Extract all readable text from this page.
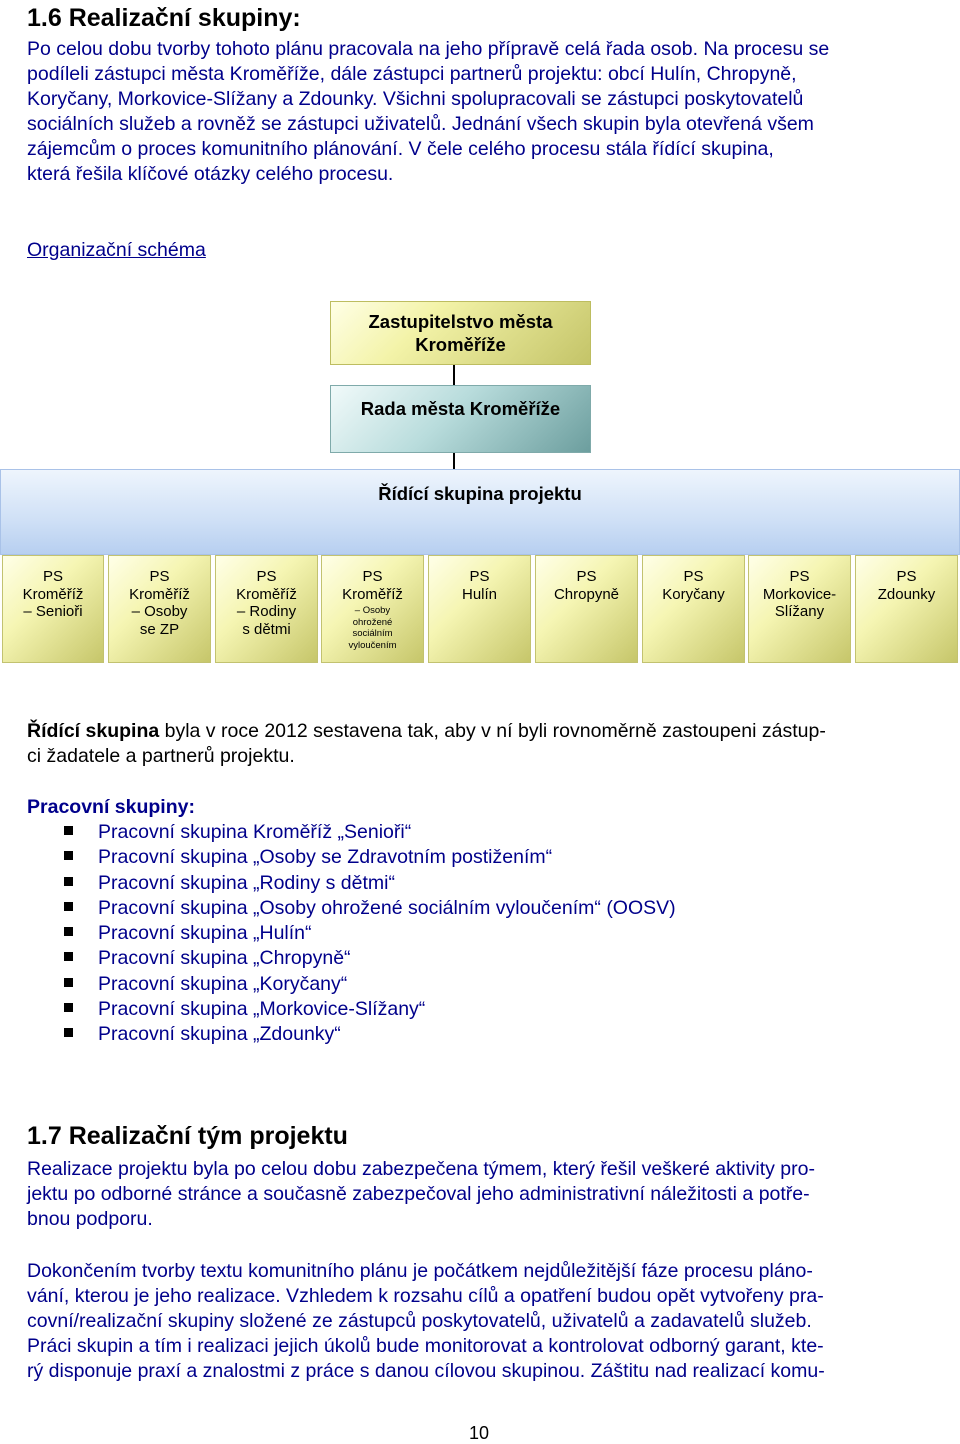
1.6 Realizační skupiny:
Po celou dobu tvorby tohoto plánu pracovala na jeho přípravě celá řada osob. Na procesu se
podíleli zástupci města Kroměříže, dále zástupci partnerů projektu: obcí Hulín, Chropyně,
Koryčany, Morkovice-Slížany a Zdounky. Všichni spolupracovali se zástupci poskytovatelů
sociálních služeb a rovněž se zástupci uživatelů. Jednání všech skupin byla otevřená všem
zájemcům o proces komunitního plánování. V čele celého procesu stála řídící skupina,
která řešila klíčové otázky celého procesu.
Organizační schéma
Zastupitelstvo města
Kroměříže
Rada města Kroměříže
Řídící skupina projektu
PS
Kroměříž
– Senioři
PS
Kroměříž
– Osoby
se ZP
PS
Kroměříž
– Rodiny
s dětmi
PS
Kroměříž
– Osoby
ohrožené
sociálním
vyloučením
PS
Hulín
PS
Chropyně
PS
Koryčany
PS
Morkovice-
Slížany
PS
Zdounky
Řídící skupina byla v roce 2012 sestavena tak, aby v ní byli rovnoměrně zastoupeni zástup-
ci žadatele a partnerů projektu.
Pracovní skupiny:
Pracovní skupina Kroměříž „Senioři“
Pracovní skupina „Osoby se Zdravotním postižením“
Pracovní skupina „Rodiny s dětmi“
Pracovní skupina „Osoby ohrožené sociálním vyloučením“ (OOSV)
Pracovní skupina „Hulín“
Pracovní skupina „Chropyně“
Pracovní skupina „Koryčany“
Pracovní skupina „Morkovice-Slížany“
Pracovní skupina „Zdounky“
1.7 Realizační tým projektu
Realizace projektu byla po celou dobu zabezpečena týmem, který řešil veškeré aktivity pro-
jektu po odborné stránce a současně zabezpečoval jeho administrativní náležitosti a potře-
bnou podporu.
Dokončením tvorby textu komunitního plánu je počátkem nejdůležitější fáze procesu pláno-
vání, kterou je jeho realizace. Vzhledem k rozsahu cílů a opatření budou opět vytvořeny pra-
covní/realizační skupiny složené ze zástupců poskytovatelů, uživatelů a zadavatelů služeb.
Práci skupin a tím i realizaci jejich úkolů bude monitorovat a kontrolovat odborný garant, kte-
rý disponuje praxí a znalostmi z práce s danou cílovou skupinou. Záštitu nad realizací komu-
10
